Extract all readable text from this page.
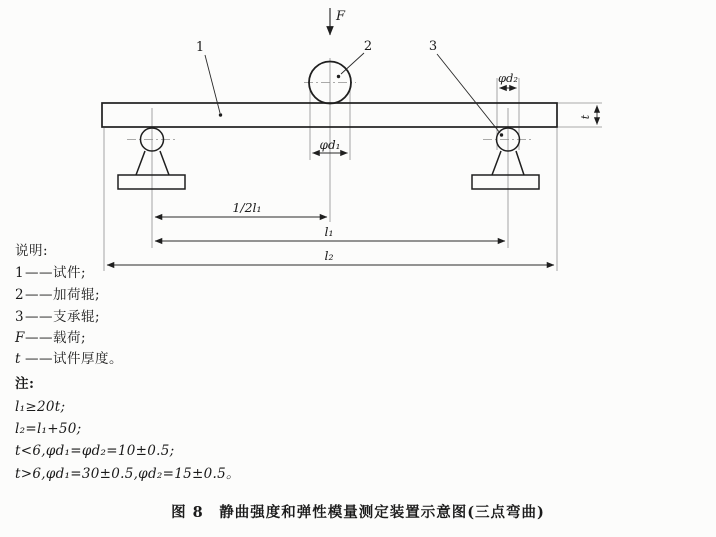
F
1	2	3
φd₁
φd₂
1/2l₁
l₁
l₂
t
说明:
1——试件;
2——加荷辊;
3——支承辊;
F——载荷;
t ——试件厚度。
注:
l₁≥20t;
l₂=l₁+50;
t<6,φd₁=φd₂=10±0.5;
t>6,φd₁=30±0.5,φd₂=15±0.5。
图 8　静曲强度和弹性模量测定装置示意图(三点弯曲)
